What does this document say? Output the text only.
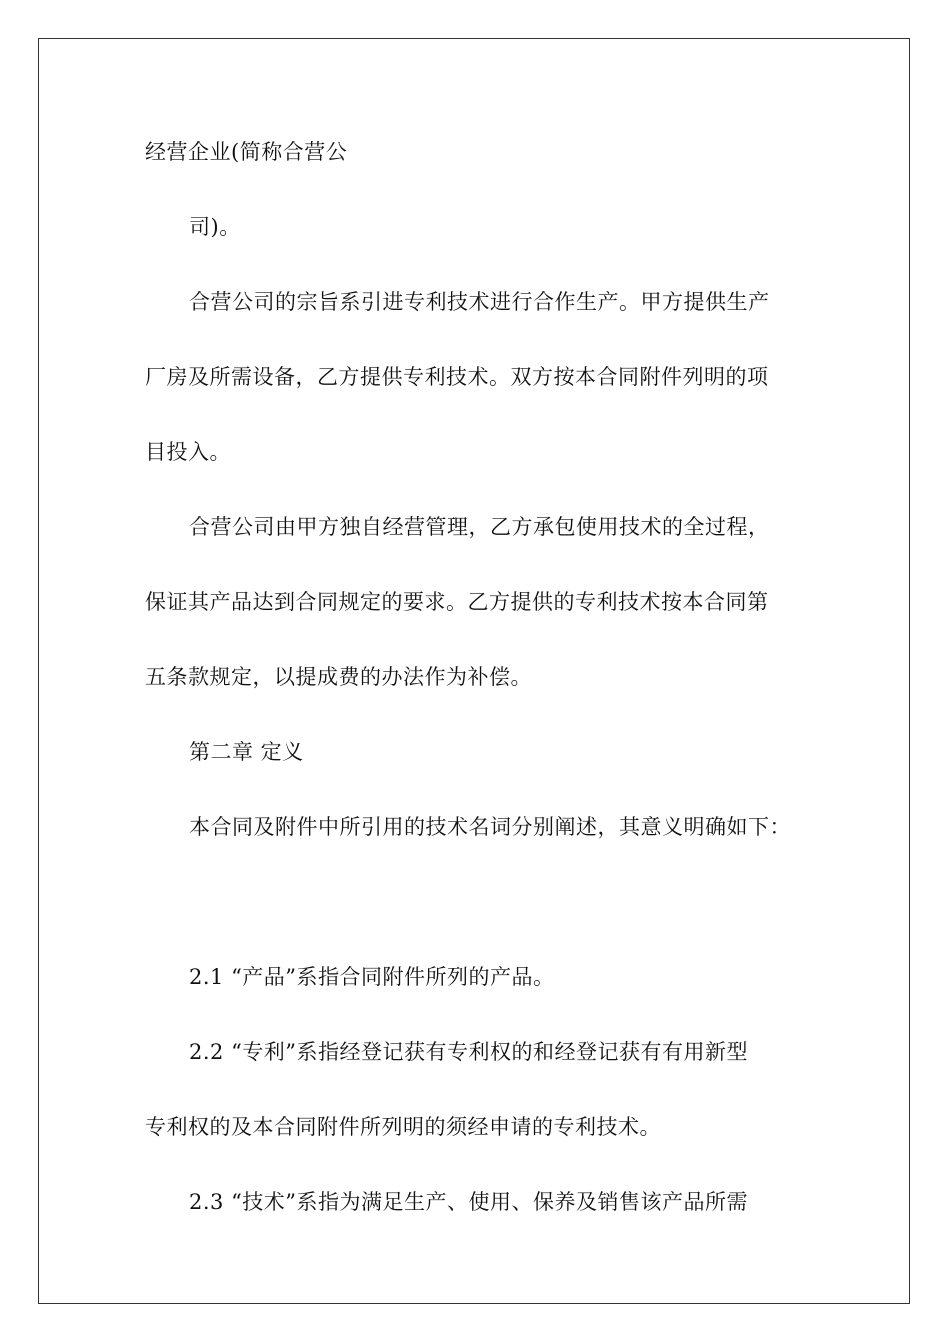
经营企业(简称合营公
司)。
合营公司的宗旨系引进专利技术进行合作生产。甲方提供生产
厂房及所需设备，乙方提供专利技术。双方按本合同附件列明的项
目投入。
合营公司由甲方独自经营管理，乙方承包使用技术的全过程，
保证其产品达到合同规定的要求。乙方提供的专利技术按本合同第
五条款规定，以提成费的办法作为补偿。
第二章 定义
本合同及附件中所引用的技术名词分别阐述，其意义明确如下：
2.1 “产品”系指合同附件所列的产品。
2.2 “专利”系指经登记获有专利权的和经登记获有有用新型
专利权的及本合同附件所列明的须经申请的专利技术。
2.3 “技术”系指为满足生产、使用、保养及销售该产品所需
